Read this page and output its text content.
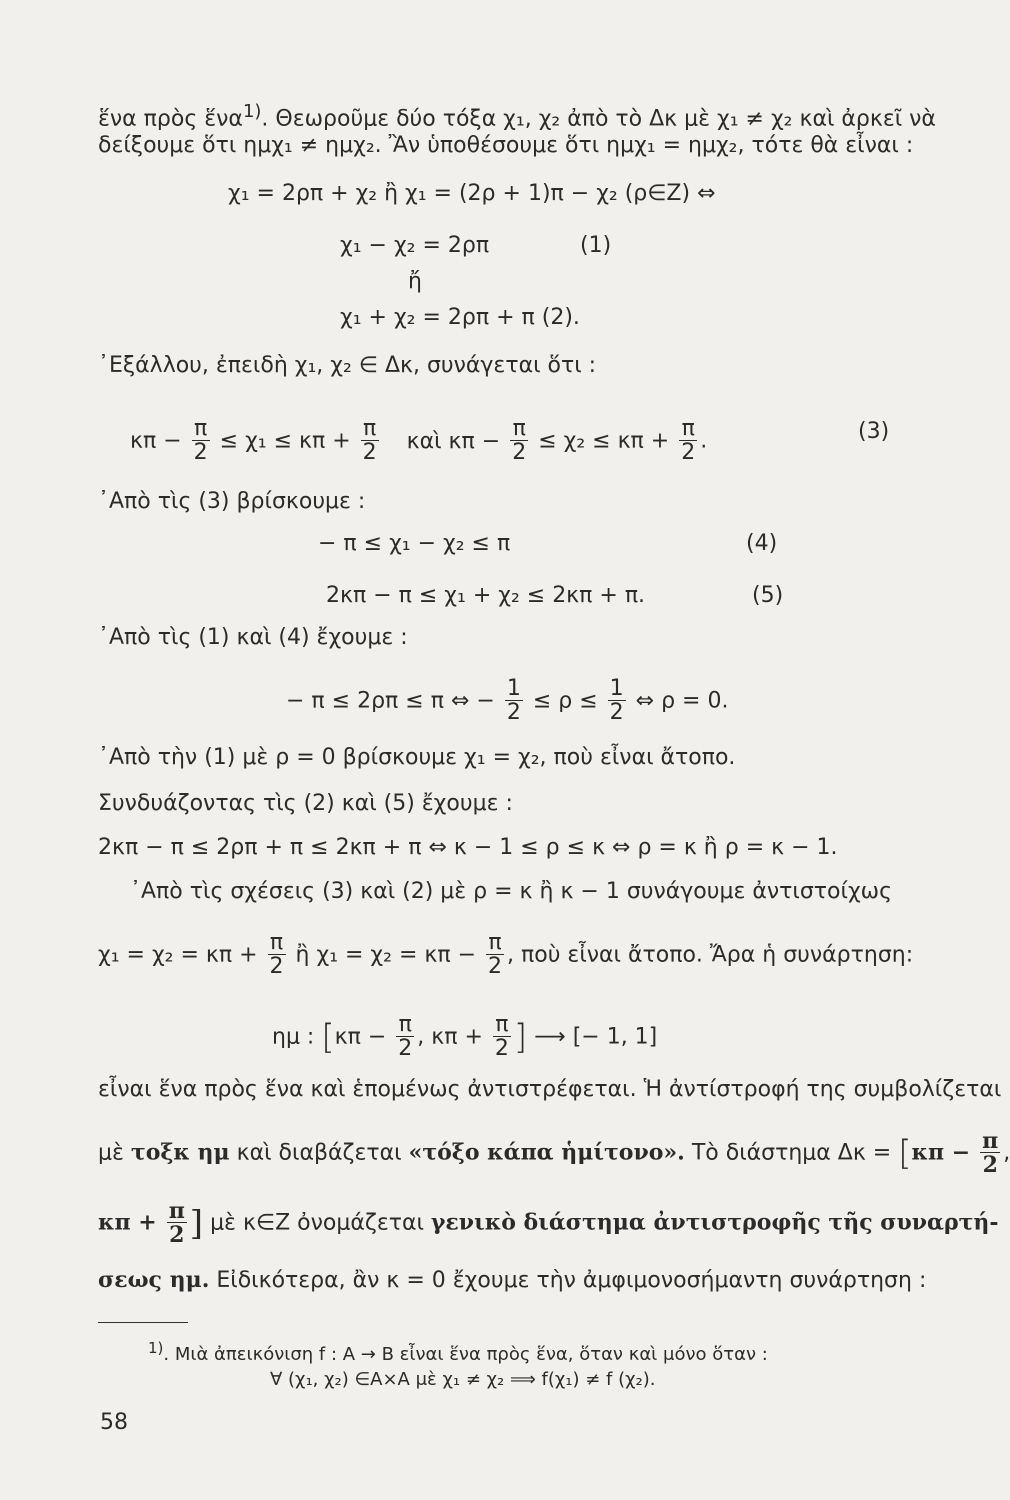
ἕνα πρὸς ἕνα$^{1)}$. Θεωροῦμε δύο τόξα χ₁, χ₂ ἀπὸ τὸ Δκ μὲ χ₁ ≠ χ₂ καὶ ἀρκεῖ νὰ
δείξουμε ὅτι ημχ₁ ≠ ημχ₂. Ἂν ὑποθέσουμε ὅτι ημχ₁ = ημχ₂, τότε θὰ εἶναι :
χ₁ = 2ρπ + χ₂ ἢ χ₁ = (2ρ + 1)π − χ₂ (ρ∈Z) ⇔
χ₁ − χ₂ = 2ρπ	(1)
ἤ
χ₁ + χ₂ = 2ρπ + π (2).
᾿Εξάλλου, ἐπειδὴ χ₁, χ₂ ∈ Δκ, συνάγεται ὅτι :
$\kappa\pi - \frac{\pi}{2} \le \chi_1 \le \kappa\pi + \frac{\pi}{2}$ καὶ $\kappa\pi - \frac{\pi}{2} \le \chi_2 \le \kappa\pi + \frac{\pi}{2}$ .	(3)
᾿Απὸ τὶς (3) βρίσκουμε :
− π ≤ χ₁ − χ₂ ≤ π	(4)
2κπ − π ≤ χ₁ + χ₂ ≤ 2κπ + π.	(5)
᾿Απὸ τὶς (1) καὶ (4) ἔχουμε :
− π ≤ 2ρπ ≤ π ⇔ − $\frac{1}{2} \le \rho \le \frac{1}{2}$ ⇔ ρ = 0.
᾿Απὸ τὴν (1) μὲ ρ = 0 βρίσκουμε χ₁ = χ₂, ποὺ εἶναι ἄτοπο.
Συνδυάζοντας τὶς (2) καὶ (5) ἔχουμε :
2κπ − π ≤ 2ρπ + π ≤ 2κπ + π ⇔ κ − 1 ≤ ρ ≤ κ ⇔ ρ = κ ἢ ρ = κ − 1.
᾿Απὸ τὶς σχέσεις (3) καὶ (2) μὲ ρ = κ ἢ κ − 1 συνάγουμε ἀντιστοίχως
$\chi_1 = \chi_2 = \kappa\pi + \frac{\pi}{2}$ ἢ $\chi_1 = \chi_2 = \kappa\pi - \frac{\pi}{2}$ , ποὺ εἶναι ἄτοπο. Ἄρα ἡ συνάρτηση:
ημ : [$\kappa\pi - \frac{\pi}{2}$ , $\kappa\pi + \frac{\pi}{2}$ ] ⟶ [− 1, 1]
εἶναι ἕνα πρὸς ἕνα καὶ ἑπομένως ἀντιστρέφεται. Ἡ ἀντίστροφή της συμβολίζεται
μὲ τοξκ ημ καὶ διαβάζεται «τόξο κάπα ἡμίτονο». Τὸ διάστημα $\Delta\kappa = [\kappa\pi - \frac{\pi}{2}$ ,
$\kappa\pi + \frac{\pi}{2}$ ] μὲ κ∈Z ὀνομάζεται γενικὸ διάστημα ἀντιστροφῆς τῆς συναρτή-
σεως ημ. Εἰδικότερα, ἂν κ = 0 ἔχουμε τὴν ἀμφιμονοσήμαντη συνάρτηση :
$^{1)}$. Μιὰ ἀπεικόνιση f : A → B εἶναι ἕνα πρὸς ἕνα, ὅταν καὶ μόνο ὅταν :
∀ (χ₁, χ₂) ∈A×A μὲ χ₁ ≠ χ₂ ⟹ f(χ₁) ≠ f (χ₂).
58
